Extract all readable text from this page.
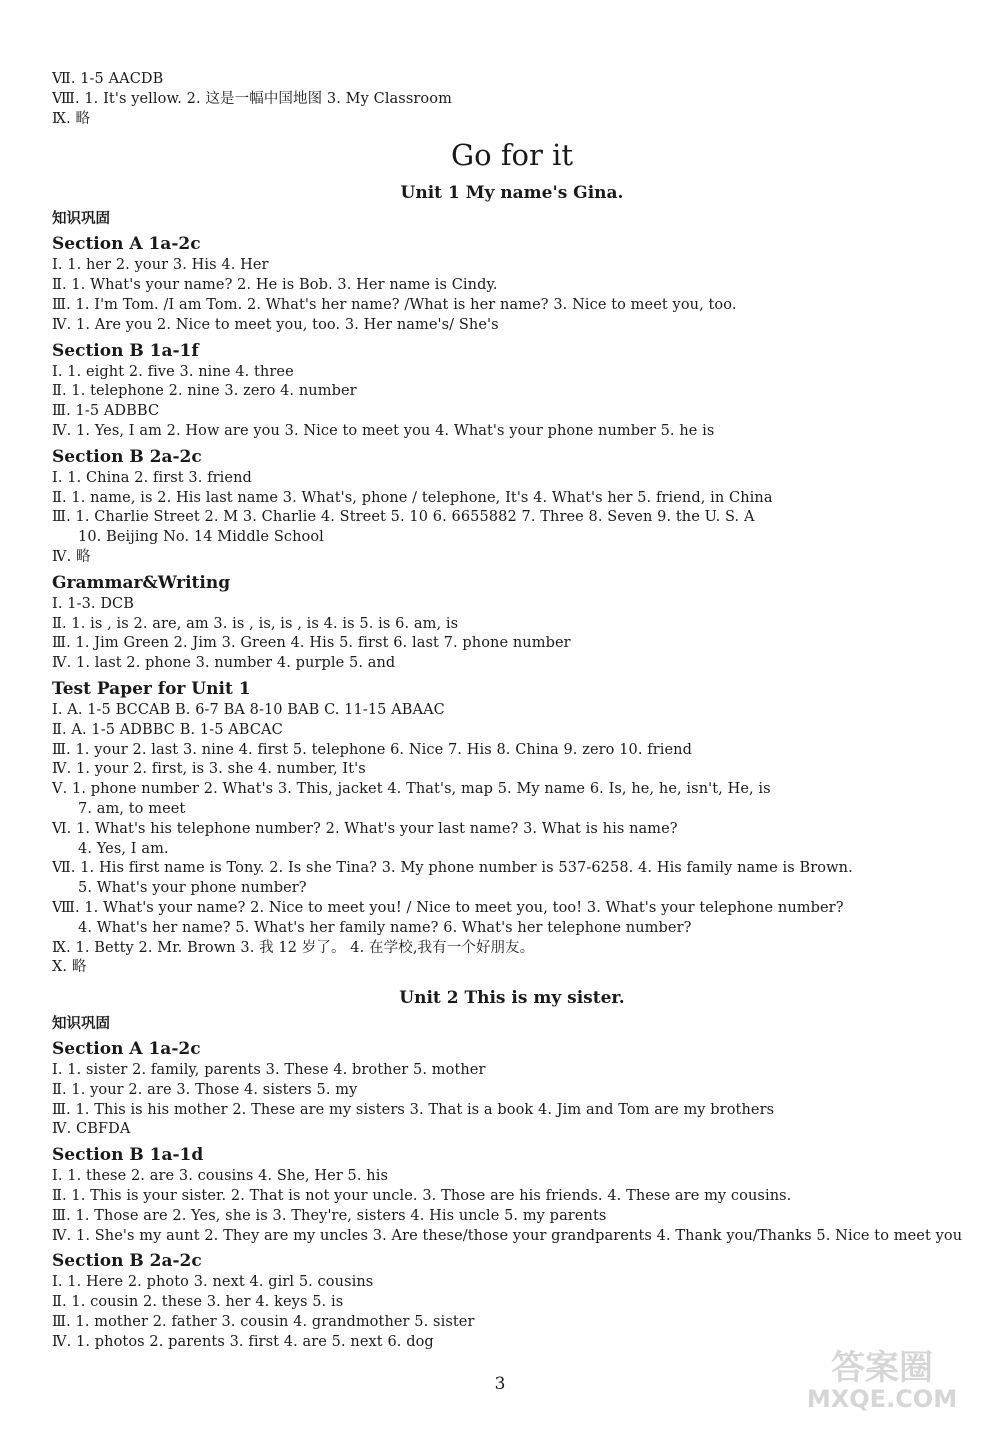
Ⅶ. 1-5 AACDB
Ⅷ. 1. It's yellow. 2. 这是一幅中国地图 3. My Classroom
Ⅸ. 略
Go for it
Unit 1 My name's Gina.
知识巩固
Section A 1a-2c
Ⅰ. 1. her 2. your 3. His 4. Her
Ⅱ. 1. What's your name? 2. He is Bob. 3. Her name is Cindy.
Ⅲ. 1. I'm Tom. /I am Tom. 2. What's her name? /What is her name? 3. Nice to meet you, too.
Ⅳ. 1. Are you 2. Nice to meet you, too. 3. Her name's/ She's
Section B 1a-1f
Ⅰ. 1. eight 2. five 3. nine 4. three
Ⅱ. 1. telephone 2. nine 3. zero 4. number
Ⅲ. 1-5 ADBBC
Ⅳ. 1. Yes, I am 2. How are you 3. Nice to meet you 4. What's your phone number 5. he is
Section B 2a-2c
Ⅰ. 1. China 2. first 3. friend
Ⅱ. 1. name, is 2. His last name 3. What's, phone / telephone, It's 4. What's her 5. friend, in China
Ⅲ. 1. Charlie Street 2. M 3. Charlie 4. Street 5. 10 6. 6655882 7. Three 8. Seven 9. the U. S. A
10. Beijing No. 14 Middle School
Ⅳ. 略
Grammar&Writing
Ⅰ. 1-3. DCB
Ⅱ. 1. is , is 2. are, am 3. is , is, is , is 4. is 5. is 6. am, is
Ⅲ. 1. Jim Green 2. Jim 3. Green 4. His 5. first 6. last 7. phone number
Ⅳ. 1. last 2. phone 3. number 4. purple 5. and
Test Paper for Unit 1
Ⅰ. A. 1-5 BCCAB B. 6-7 BA 8-10 BAB C. 11-15 ABAAC
Ⅱ. A. 1-5 ADBBC B. 1-5 ABCAC
Ⅲ. 1. your 2. last 3. nine 4. first 5. telephone 6. Nice 7. His 8. China 9. zero 10. friend
Ⅳ. 1. your 2. first, is 3. she 4. number, It's
Ⅴ. 1. phone number 2. What's 3. This, jacket 4. That's, map 5. My name 6. Is, he, he, isn't, He, is
7. am, to meet
Ⅵ. 1. What's his telephone number? 2. What's your last name? 3. What is his name?
4. Yes, I am.
Ⅶ. 1. His first name is Tony. 2. Is she Tina? 3. My phone number is 537-6258. 4. His family name is Brown.
5. What's your phone number?
Ⅷ. 1. What's your name? 2. Nice to meet you! / Nice to meet you, too! 3. What's your telephone number?
4. What's her name? 5. What's her family name? 6. What's her telephone number?
Ⅸ. 1. Betty 2. Mr. Brown 3. 我 12 岁了。 4. 在学校,我有一个好朋友。
Ⅹ. 略
Unit 2 This is my sister.
知识巩固
Section A 1a-2c
Ⅰ. 1. sister 2. family, parents 3. These 4. brother 5. mother
Ⅱ. 1. your 2. are 3. Those 4. sisters 5. my
Ⅲ. 1. This is his mother 2. These are my sisters 3. That is a book 4. Jim and Tom are my brothers
Ⅳ. CBFDA
Section B 1a-1d
Ⅰ. 1. these 2. are 3. cousins 4. She, Her 5. his
Ⅱ. 1. This is your sister. 2. That is not your uncle. 3. Those are his friends. 4. These are my cousins.
Ⅲ. 1. Those are 2. Yes, she is 3. They're, sisters 4. His uncle 5. my parents
Ⅳ. 1. She's my aunt 2. They are my uncles 3. Are these/those your grandparents 4. Thank you/Thanks 5. Nice to meet you
Section B 2a-2c
Ⅰ. 1. Here 2. photo 3. next 4. girl 5. cousins
Ⅱ. 1. cousin 2. these 3. her 4. keys 5. is
Ⅲ. 1. mother 2. father 3. cousin 4. grandmother 5. sister
Ⅳ. 1. photos 2. parents 3. first 4. are 5. next 6. dog
3	答案圈
MXQE.COM
